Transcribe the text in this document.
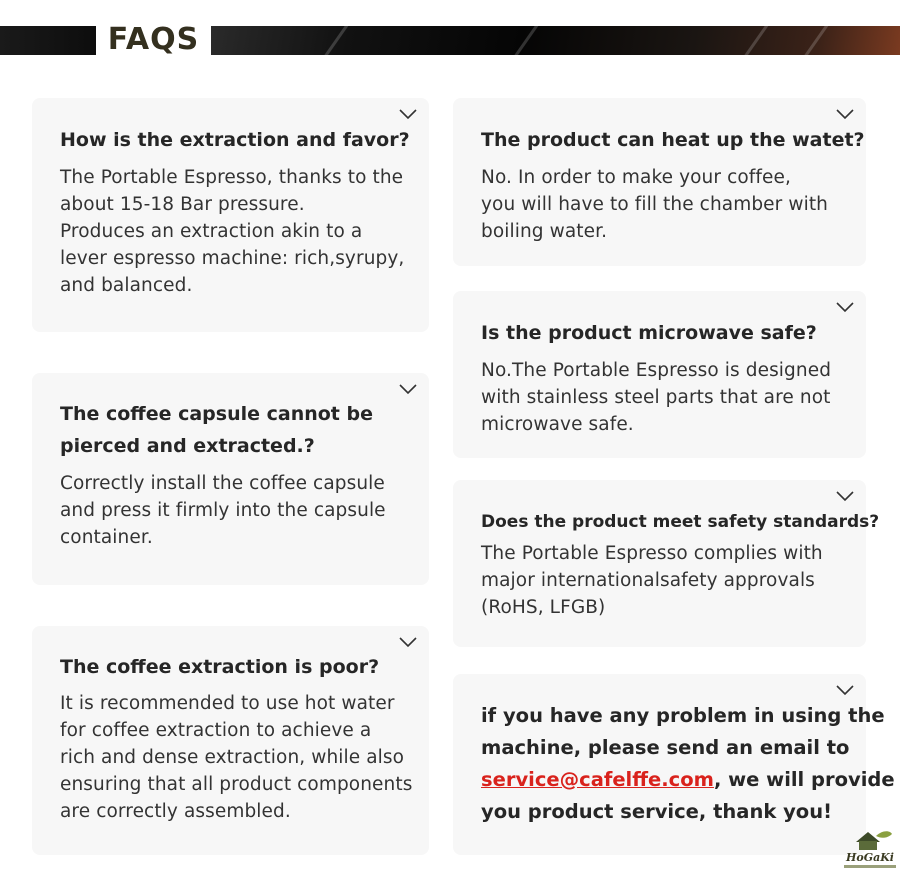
FAQS

How is the extraction and favor?

The Portable Espresso, thanks to the
about 15-18 Bar pressure.
Produces an extraction akin to a
lever espresso machine: rich,syrupy,
and balanced.

The coffee capsule cannot be
pierced and extracted.?

Correctly install the coffee capsule
and press it firmly into the capsule
container.

The coffee extraction is poor?

It is recommended to use hot water
for coffee extraction to achieve a
rich and dense extraction, while also
ensuring that all product components
are correctly assembled.

The product can heat up the watet?

No. In order to make your coffee,
you will have to fill the chamber with
boiling water.

Is the product microwave safe?

No.The Portable Espresso is designed
with stainless steel parts that are not
microwave safe.

Does the product meet safety standards?

The Portable Espresso complies with
major internationalsafety approvals
(RoHS, LFGB)

if you have any problem in using the
machine, please send an email to
service@cafelffe.com, we will provide
you product service, thank you!

HoGaKi
